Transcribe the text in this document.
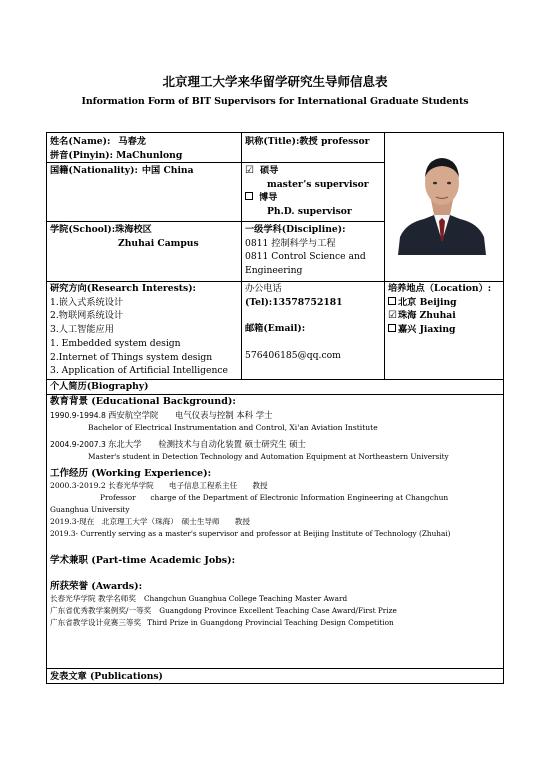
北京理工大学来华留学研究生导师信息表
Information Form of BIT Supervisors for International Graduate Students
姓名(Name): 马春龙
拼音(Pinyin): MaChunlong
职称(Title):教授 professor
国籍(Nationality): 中国 China	☑ 硕导
master’s supervisor
博导
Ph.D. supervisor
学院(School):珠海校区
Zhuhai Campus
一级学科(Discipline):
0811 控制科学与工程
0811 Control Science and
Engineering
研究方向(Research Interests):
1.嵌入式系统设计
2.物联网系统设计
3.人工智能应用
1. Embedded system design
2.Internet of Things system design
3. Application of Artificial Intelligence
办公电话
(Tel):13578752181
邮箱(Email):
576406185@qq.com
培养地点（Location）:
北京 Beijing
☑珠海 Zhuhai
嘉兴 Jiaxing
个人简历(Biography)
教育背景 (Educational Background):
1990.9-1994.8 西安航空学院　　电气仪表与控制 本科 学士
Bachelor of Electrical Instrumentation and Control, Xi'an Aviation Institute
2004.9-2007.3 东北大学　　检测技术与自动化装置 硕士研究生 硕士
Master's student in Detection Technology and Automation Equipment at Northeastern University
工作经历 (Working Experience):
2000.3-2019.2 长春光华学院　　电子信息工程系主任　　教授
Professor　　charge of the Department of Electronic Information Engineering at Changchun
Guanghua University
2019.3-现在　北京理工大学（珠海）　硕士生导师　　教授
2019.3- Currently serving as a master's supervisor and professor at Beijing Institute of Technology (Zhuhai)
学术兼职 (Part-time Academic Jobs):
所获荣誉 (Awards):
长春光华学院 教学名师奖 Changchun Guanghua College Teaching Master Award
广东省优秀教学案例奖/一等奖 Guangdong Province Excellent Teaching Case Award/First Prize
广东省教学设计竞赛三等奖 Third Prize in Guangdong Provincial Teaching Design Competition
发表文章 (Publications)
